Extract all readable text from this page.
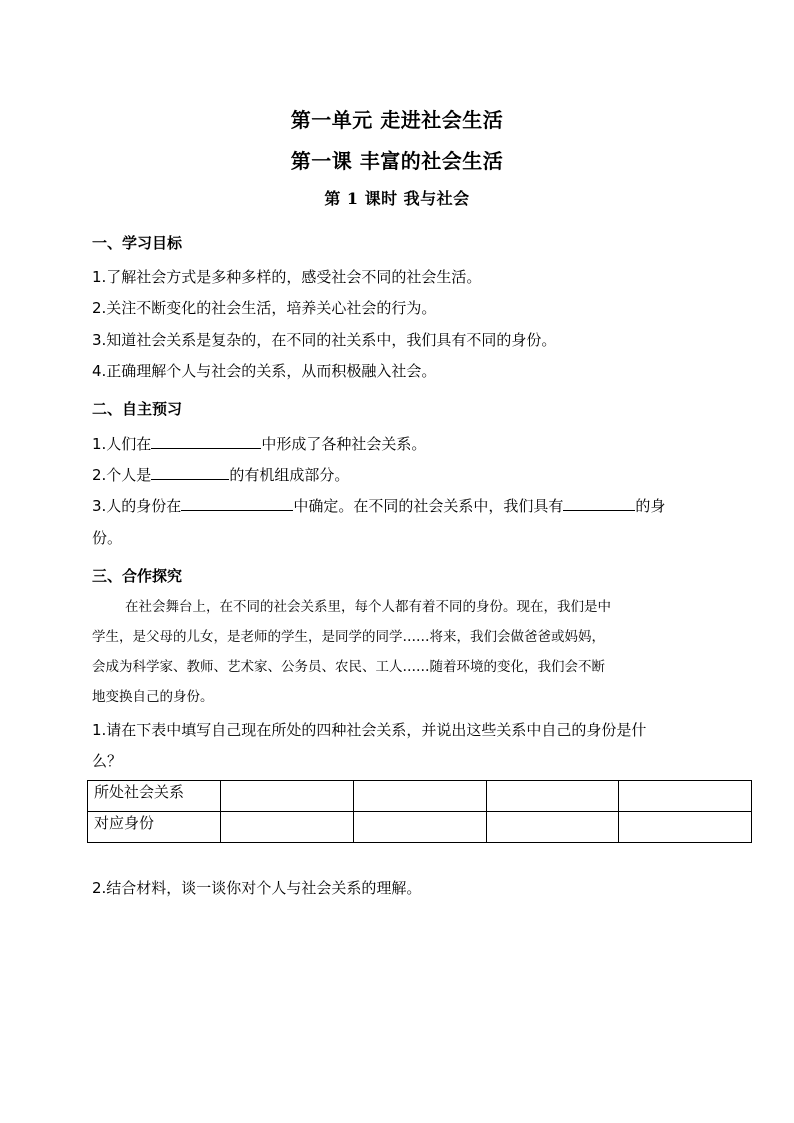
第一单元 走进社会生活
第一课 丰富的社会生活
第 1 课时 我与社会
一、学习目标
1.了解社会方式是多种多样的，感受社会不同的社会生活。
2.关注不断变化的社会生活，培养关心社会的行为。
3.知道社会关系是复杂的，在不同的社关系中，我们具有不同的身份。
4.正确理解个人与社会的关系，从而积极融入社会。
二、自主预习
1.人们在	中形成了各种社会关系。
2.个人是	的有机组成部分。
3.人的身份在	中确定。在不同的社会关系中，我们具有	的身
份。
三、合作探究
在社会舞台上，在不同的社会关系里，每个人都有着不同的身份。现在，我们是中
学生，是父母的儿女，是老师的学生，是同学的同学……将来，我们会做爸爸或妈妈，
会成为科学家、教师、艺术家、公务员、农民、工人……随着环境的变化，我们会不断
地变换自己的身份。
1.请在下表中填写自己现在所处的四种社会关系，并说出这些关系中自己的身份是什
么？
所处社会关系				
对应身份				
2.结合材料，谈一谈你对个人与社会关系的理解。
